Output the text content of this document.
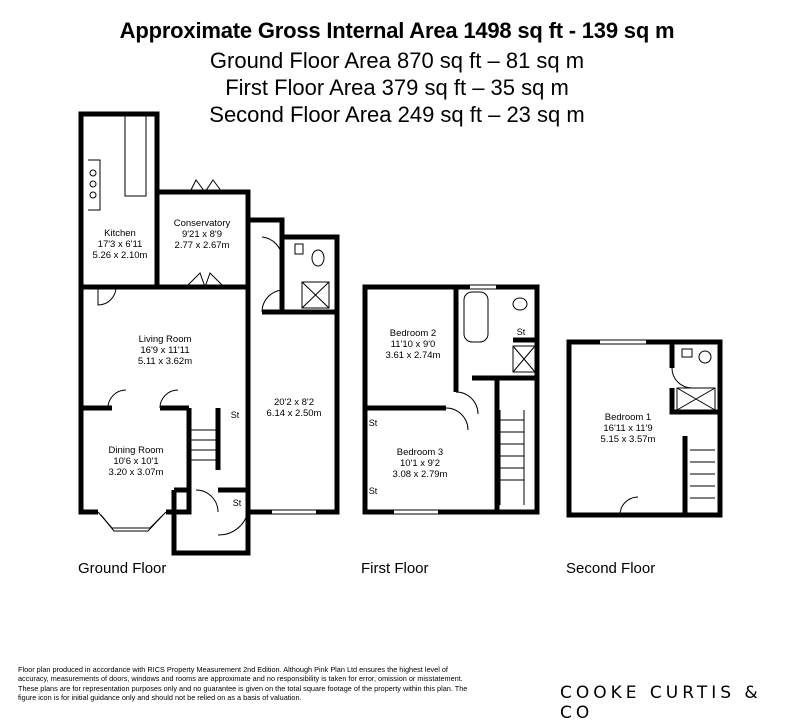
Approximate Gross Internal Area 1498 sq ft - 139 sq m
Ground Floor Area 870 sq ft – 81 sq m
First Floor Area 379 sq ft – 35 sq m
Second Floor Area 249 sq ft – 23 sq m
St
St
St
St
St
Kitchen
17'3 x 6'11
5.26 x 2.10m
Conservatory
9'21 x 8'9
2.77 x 2.67m
Living Room
16'9 x 11'11
5.11 x 3.62m
Dining Room
10'6 x 10'1
3.20 x 3.07m
20'2 x 8'2
6.14 x 2.50m
Bedroom 2
11'10 x 9'0
3.61 x 2.74m
Bedroom 3
10'1 x 9'2
3.08 x 2.79m
Bedroom 1
16'11 x 11'9
5.15 x 3.57m
Ground Floor	First Floor	Second Floor
Floor plan produced in accordance with RICS Property Measurement 2nd Edition. Although Pink Plan Ltd ensures the highest level of accuracy, measurements of doors, windows and rooms are approximate and no responsibility is taken for error, omission or misstatement. These plans are for representation purposes only and no guarantee is given on the total square footage of the property within this plan. The figure icon is for initial guidance only and should not be relied on as a basis of valuation.	COOKE CURTIS & CO
